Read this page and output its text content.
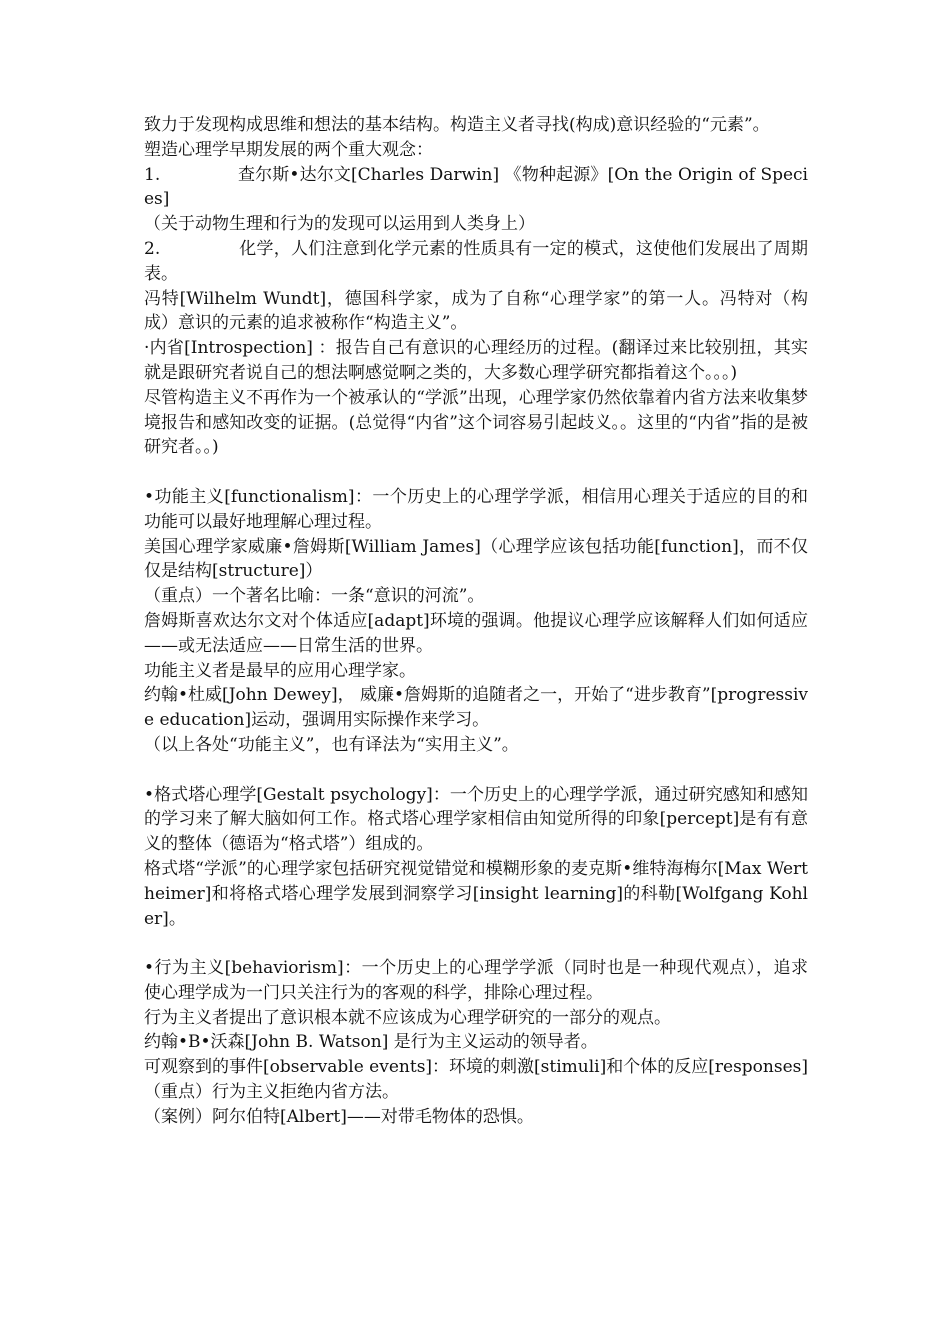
致力于发现构成思维和想法的基本结构。构造主义者寻找(构成)意识经验的“元素”。

塑造心理学早期发展的两个重大观念：

1.              查尔斯•达尔文[Charles Darwin] 《物种起源》[On the Origin of Species]

（关于动物生理和行为的发现可以运用到人类身上）

2.              化学，人们注意到化学元素的性质具有一定的模式，这使他们发展出了周期表。

冯特[Wilhelm Wundt]，德国科学家，成为了自称“心理学家”的第一人。冯特对（构成）意识的元素的追求被称作“构造主义”。

·内省[Introspection] ：报告自己有意识的心理经历的过程。(翻译过来比较别扭，其实就是跟研究者说自己的想法啊感觉啊之类的，大多数心理学研究都指着这个。。。)

尽管构造主义不再作为一个被承认的“学派”出现，心理学家仍然依靠着内省方法来收集梦境报告和感知改变的证据。(总觉得“内省”这个词容易引起歧义。。这里的“内省”指的是被研究者。。)

•功能主义[functionalism]：一个历史上的心理学学派，相信用心理关于适应的目的和功能可以最好地理解心理过程。

美国心理学家威廉•詹姆斯[William James]（心理学应该包括功能[function]，而不仅仅是结构[structure]）

（重点）一个著名比喻：一条“意识的河流”。

詹姆斯喜欢达尔文对个体适应[adapt]环境的强调。他提议心理学应该解释人们如何适应——或无法适应——日常生活的世界。

功能主义者是最早的应用心理学家。

约翰•杜威[John Dewey]， 威廉•詹姆斯的追随者之一，开始了“进步教育”[progressive education]运动，强调用实际操作来学习。

（以上各处“功能主义”，也有译法为“实用主义”。

•格式塔心理学[Gestalt psychology]：一个历史上的心理学学派，通过研究感知和感知的学习来了解大脑如何工作。格式塔心理学家相信由知觉所得的印象[percept]是有有意义的整体（德语为“格式塔”）组成的。

格式塔“学派”的心理学家包括研究视觉错觉和模糊形象的麦克斯•维特海梅尔[Max Wertheimer]和将格式塔心理学发展到洞察学习[insight learning]的科勒[Wolfgang Kohler]。

•行为主义[behaviorism]：一个历史上的心理学学派（同时也是一种现代观点），追求使心理学成为一门只关注行为的客观的科学，排除心理过程。

行为主义者提出了意识根本就不应该成为心理学研究的一部分的观点。

约翰•B•沃森[John B. Watson] 是行为主义运动的领导者。

可观察到的事件[observable events]：环境的刺激[stimuli]和个体的反应[responses]

（重点）行为主义拒绝内省方法。

（案例）阿尔伯特[Albert]——对带毛物体的恐惧。
